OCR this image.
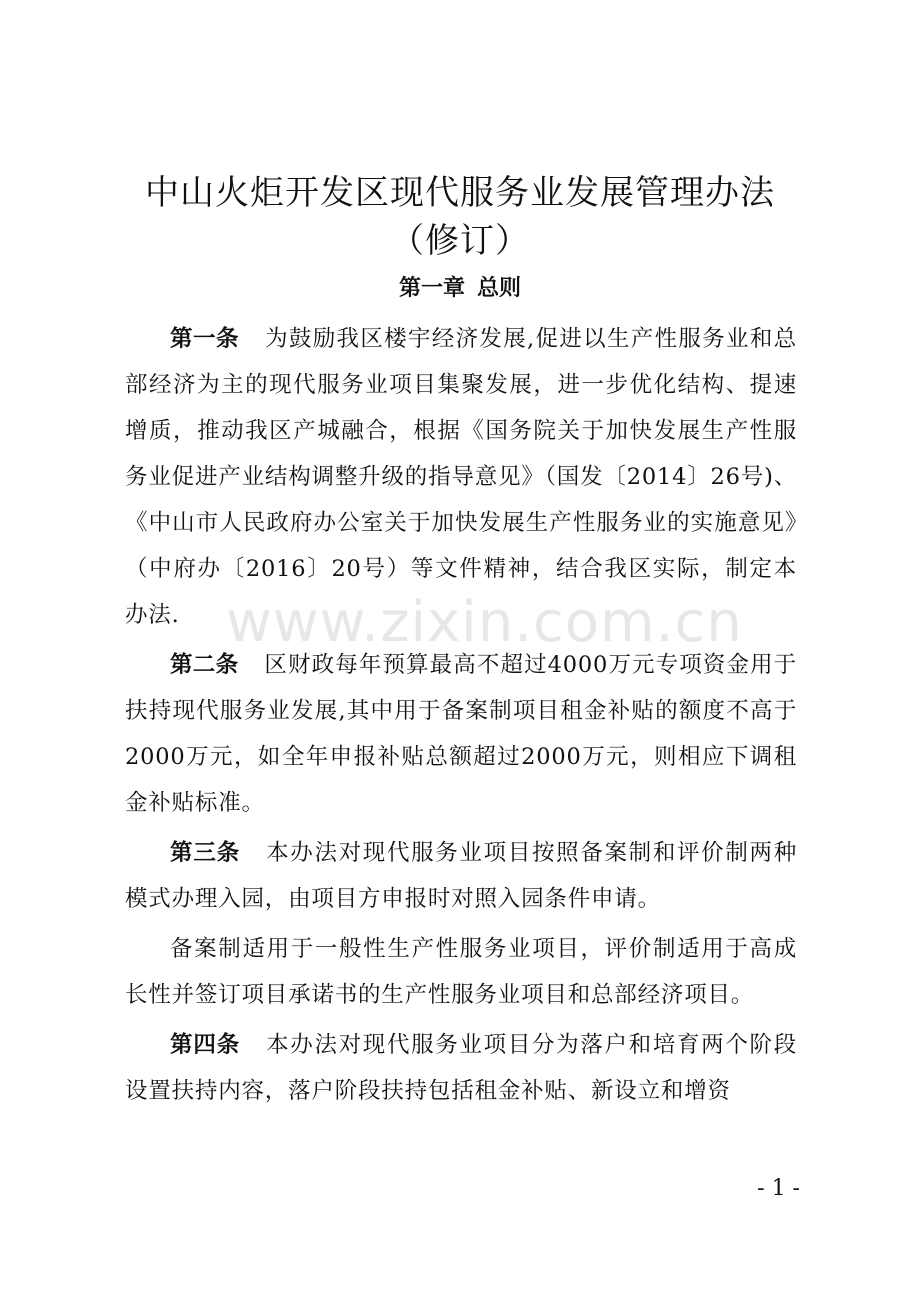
中山火炬开发区现代服务业发展管理办法
（修订）
第一章 总则

第一条 为鼓励我区楼宇经济发展,促进以生产性服务业和总部经济为主的现代服务业项目集聚发展，进一步优化结构、提速增质，推动我区产城融合，根据《国务院关于加快发展生产性服务业促进产业结构调整升级的指导意见》（国发〔2014〕26号)、《中山市人民政府办公室关于加快发展生产性服务业的实施意见》（中府办〔2016〕20号）等文件精神，结合我区实际，制定本办法.

第二条 区财政每年预算最高不超过4000万元专项资金用于扶持现代服务业发展,其中用于备案制项目租金补贴的额度不高于2000万元，如全年申报补贴总额超过2000万元，则相应下调租金补贴标准。

第三条 本办法对现代服务业项目按照备案制和评价制两种模式办理入园，由项目方申报时对照入园条件申请。

备案制适用于一般性生产性服务业项目，评价制适用于高成长性并签订项目承诺书的生产性服务业项目和总部经济项目。

第四条 本办法对现代服务业项目分为落户和培育两个阶段设置扶持内容，落户阶段扶持包括租金补贴、新设立和增资

www.zixin.com.cn
- 1 -
